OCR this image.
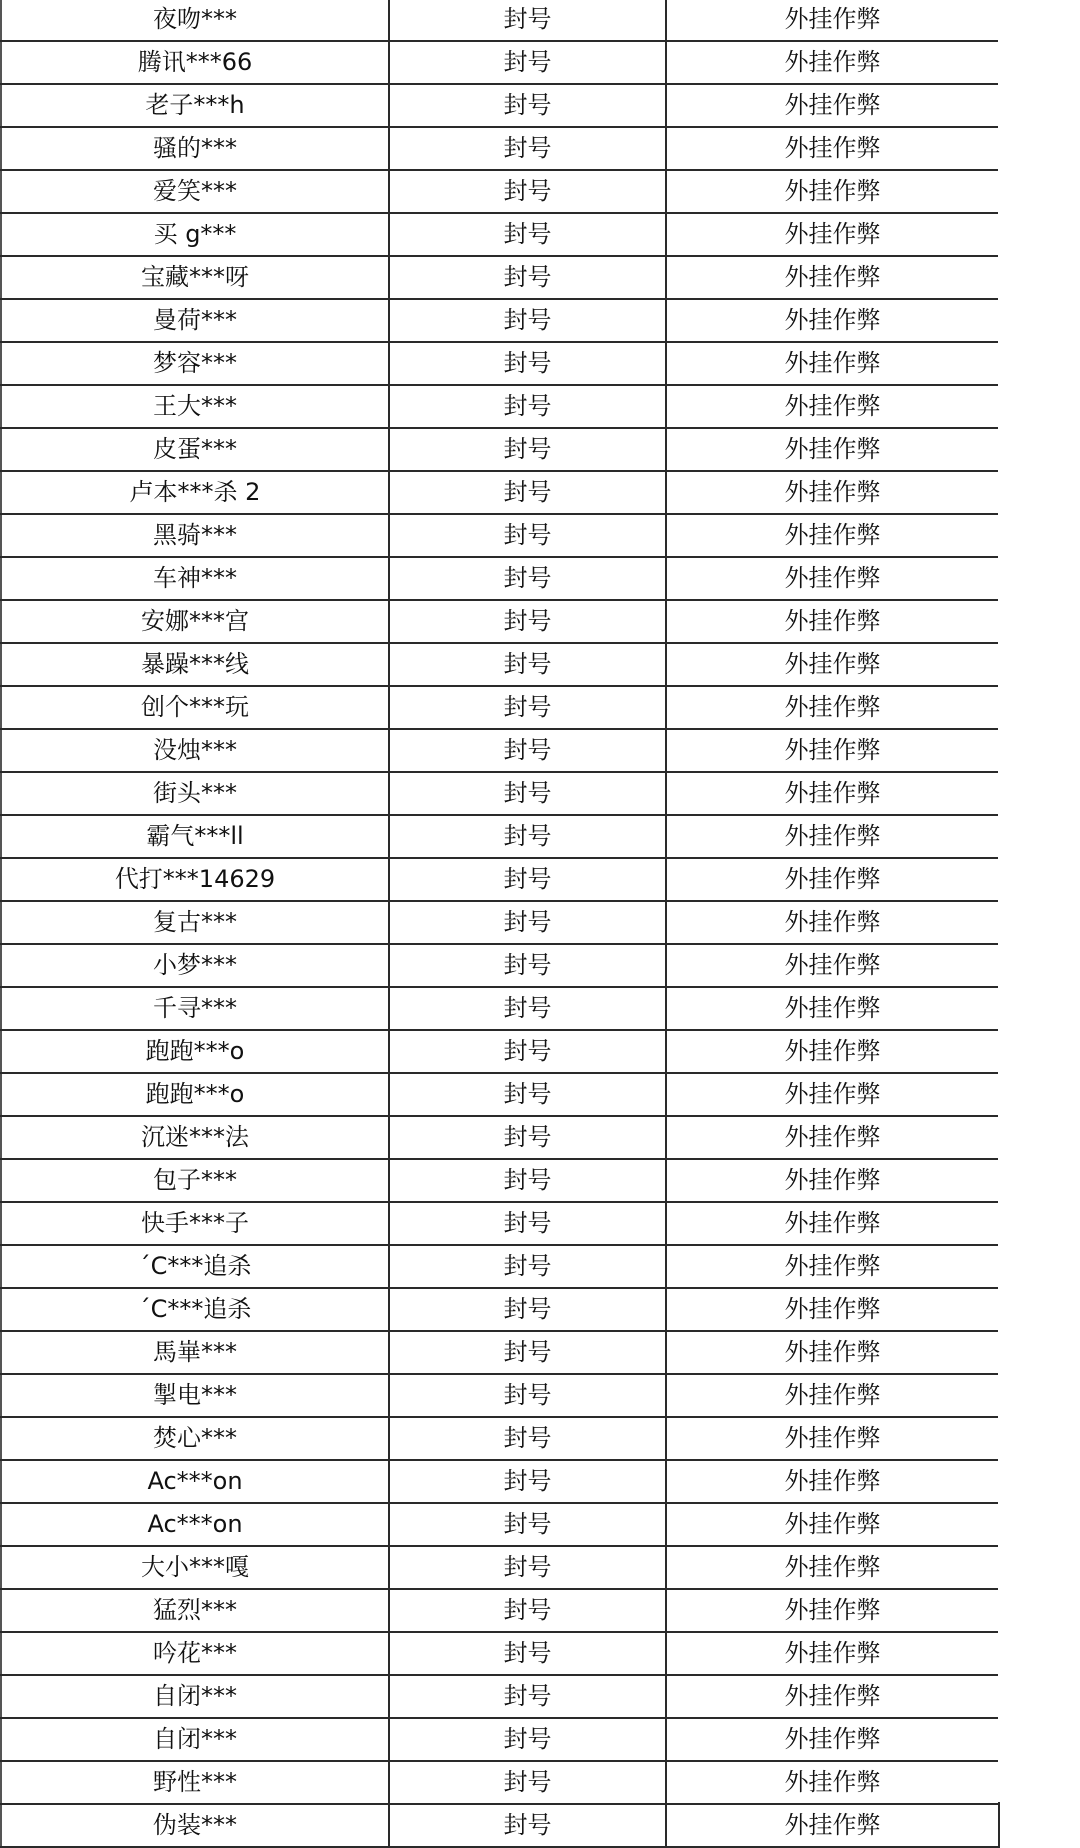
夜吻***	封号	外挂作弊
腾讯***66	封号	外挂作弊
老子***h	封号	外挂作弊
骚的***	封号	外挂作弊
爱笑***	封号	外挂作弊
买 g***	封号	外挂作弊
宝藏***呀	封号	外挂作弊
曼荷***	封号	外挂作弊
梦容***	封号	外挂作弊
王大***	封号	外挂作弊
皮蛋***	封号	外挂作弊
卢本***杀 2	封号	外挂作弊
黑骑***	封号	外挂作弊
车神***	封号	外挂作弊
安娜***宫	封号	外挂作弊
暴躁***线	封号	外挂作弊
创个***玩	封号	外挂作弊
没烛***	封号	外挂作弊
街头***	封号	外挂作弊
霸气***ll	封号	外挂作弊
代打***14629	封号	外挂作弊
复古***	封号	外挂作弊
小梦***	封号	外挂作弊
千寻***	封号	外挂作弊
跑跑***o	封号	外挂作弊
跑跑***o	封号	外挂作弊
沉迷***法	封号	外挂作弊
包子***	封号	外挂作弊
快手***子	封号	外挂作弊
´C***追杀	封号	外挂作弊
´C***追杀	封号	外挂作弊
馬崋***	封号	外挂作弊
掣电***	封号	外挂作弊
焚心***	封号	外挂作弊
Ac***on	封号	外挂作弊
Ac***on	封号	外挂作弊
大小***嘎	封号	外挂作弊
猛烈***	封号	外挂作弊
吟花***	封号	外挂作弊
自闭***	封号	外挂作弊
自闭***	封号	外挂作弊
野性***	封号	外挂作弊
伪装***	封号	外挂作弊
